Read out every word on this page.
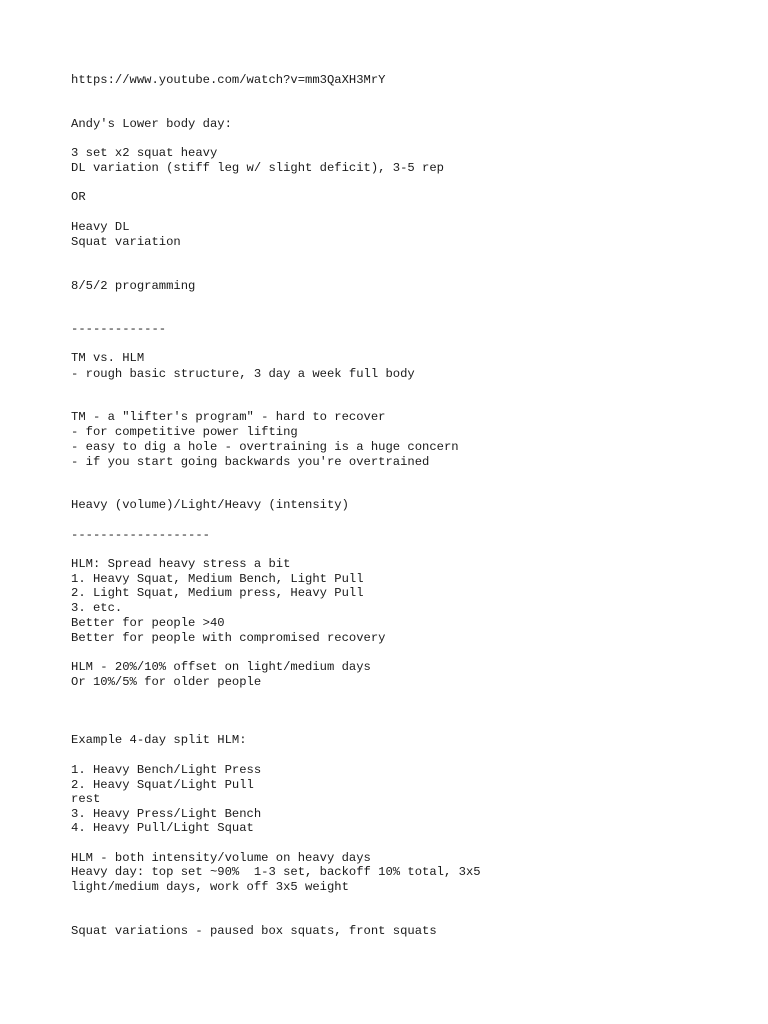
https://www.youtube.com/watch?v=mm3QaXH3MrY
Andy's Lower body day:
3 set x2 squat heavy
DL variation (stiff leg w/ slight deficit), 3-5 rep
OR
Heavy DL
Squat variation
8/5/2 programming
-------------
TM vs. HLM
- rough basic structure, 3 day a week full body
TM - a "lifter's program" - hard to recover
- for competitive power lifting
- easy to dig a hole - overtraining is a huge concern
- if you start going backwards you're overtrained
Heavy (volume)/Light/Heavy (intensity)
-------------------
HLM: Spread heavy stress a bit
1. Heavy Squat, Medium Bench, Light Pull
2. Light Squat, Medium press, Heavy Pull
3. etc.
Better for people >40
Better for people with compromised recovery
HLM - 20%/10% offset on light/medium days
Or 10%/5% for older people
Example 4-day split HLM:
1. Heavy Bench/Light Press
2. Heavy Squat/Light Pull
rest
3. Heavy Press/Light Bench
4. Heavy Pull/Light Squat
HLM - both intensity/volume on heavy days
Heavy day: top set ~90%  1-3 set, backoff 10% total, 3x5
light/medium days, work off 3x5 weight
Squat variations - paused box squats, front squats
